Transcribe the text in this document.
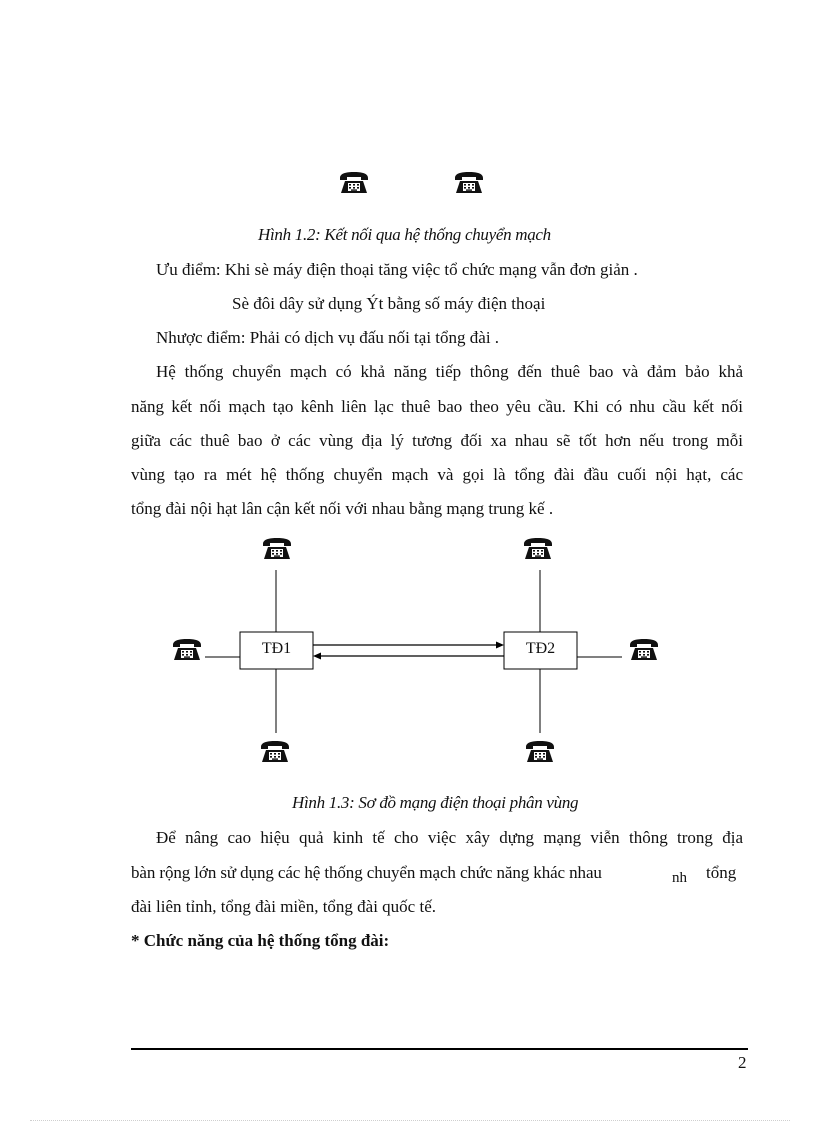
Hình 1.2: Kết nối qua hệ thống chuyển mạch
Ưu điểm: Khi sè máy điện thoại tăng việc tổ chức mạng vẫn đơn giản .
Sè đôi dây sử dụng Ýt bằng số máy điện thoại
Nhược điểm: Phải có dịch vụ đấu nối tại tổng đài .
Hệ thống chuyển mạch có khả năng tiếp thông đến thuê bao và đảm bảo khả
năng kết nối mạch tạo kênh liên lạc thuê bao theo yêu cầu. Khi có nhu cầu kết nối
giữa các thuê bao ở các vùng địa lý tương đối xa nhau sẽ tốt hơn nếu trong mỗi
vùng tạo ra mét hệ thống chuyển mạch và gọi là tổng đài đầu cuối nội hạt, các
tổng đài nội hạt lân cận kết nối với nhau bằng mạng trung kế .
TĐ1	TĐ2
Hình 1.3: Sơ đồ mạng điện thoại phân vùng
Để nâng cao hiệu quả kinh tế cho việc xây dựng mạng viễn thông trong địa
bàn rộng lớn sử dụng các hệ thống chuyển mạch chức năng khác nhau	nh tổng
đài liên tỉnh, tổng đài miền, tổng đài quốc tế.
* Chức năng của hệ thống tổng đài:
2
